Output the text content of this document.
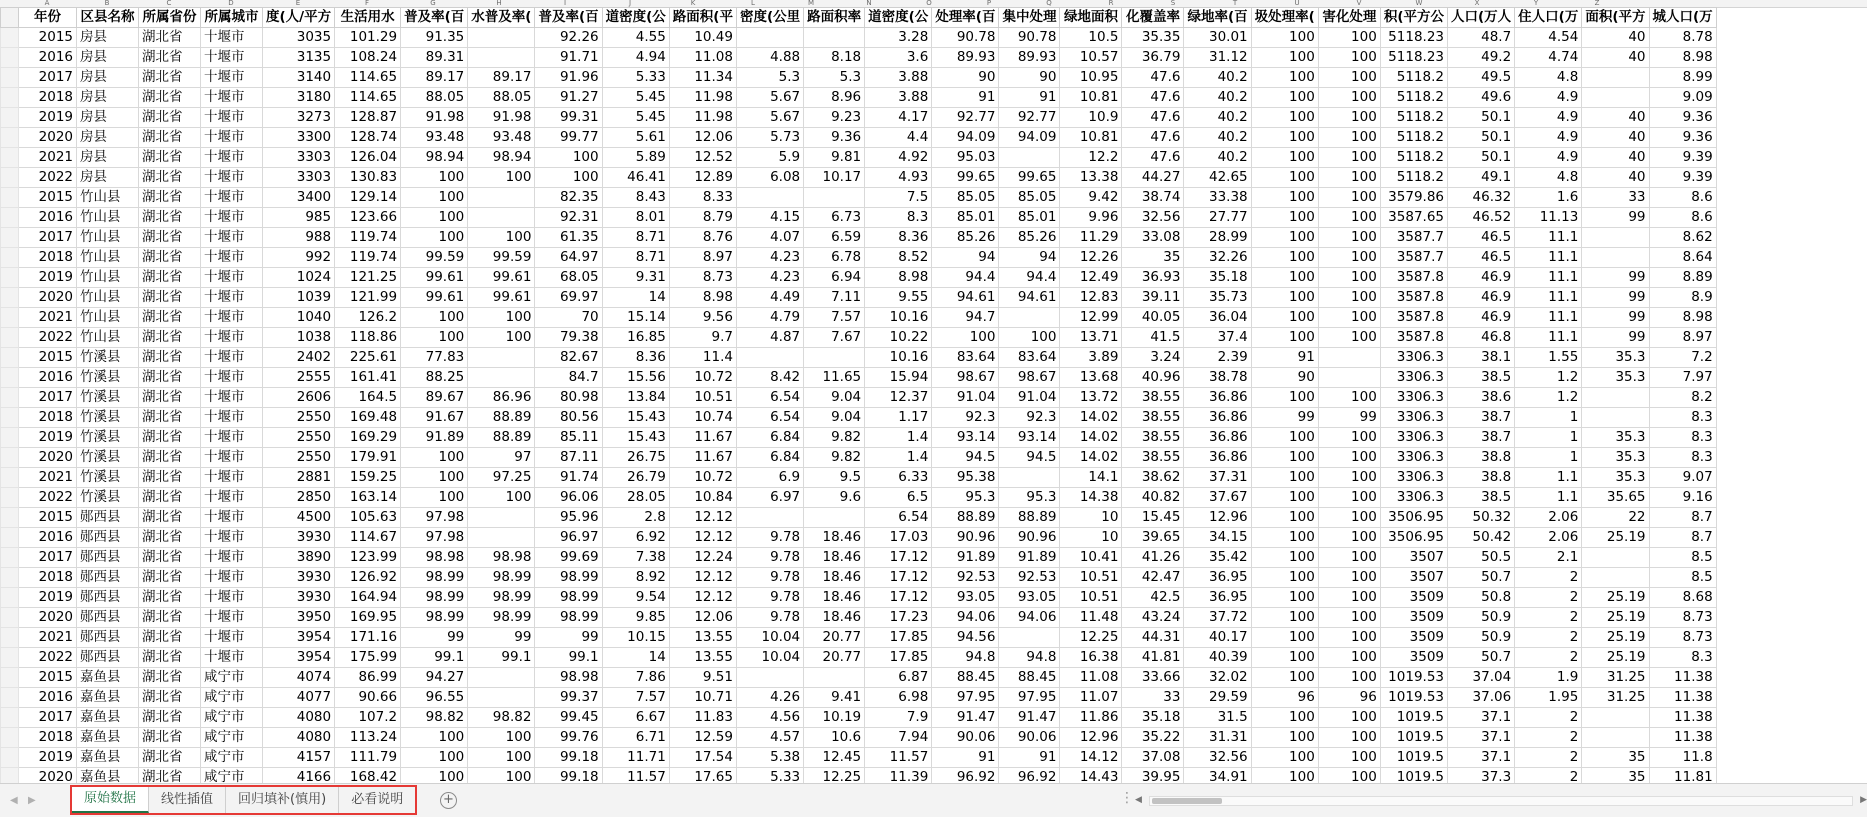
A	B	C	D	E	F	G	H	I	J	K	L	M	N	O	P	Q	R	S	T	U	V	W	X	Y	Z
	年份	区县名称	所属省份	所属城市	度(人/平方	生活用水	普及率(百	水普及率(	普及率(百	道密度(公	路面积(平	密度(公里	路面积率	道密度(公	处理率(百	集中处理	绿地面积	化覆盖率	绿地率(百	圾处理率(	害化处理	积(平方公	人口(万人	住人口(万	面积(平方	城人口(万
	2015	房县	湖北省	十堰市	3035	101.29	91.35		92.26	4.55	10.49			3.28	90.78	90.78	10.5	35.35	30.01	100	100	5118.23	48.7	4.54	40	8.78
	2016	房县	湖北省	十堰市	3135	108.24	89.31		91.71	4.94	11.08	4.88	8.18	3.6	89.93	89.93	10.57	36.79	31.12	100	100	5118.23	49.2	4.74	40	8.98
	2017	房县	湖北省	十堰市	3140	114.65	89.17	89.17	91.96	5.33	11.34	5.3	5.3	3.88	90	90	10.95	47.6	40.2	100	100	5118.2	49.5	4.8		8.99
	2018	房县	湖北省	十堰市	3180	114.65	88.05	88.05	91.27	5.45	11.98	5.67	8.96	3.88	91	91	10.81	47.6	40.2	100	100	5118.2	49.6	4.9		9.09
	2019	房县	湖北省	十堰市	3273	128.87	91.98	91.98	99.31	5.45	11.98	5.67	9.23	4.17	92.77	92.77	10.9	47.6	40.2	100	100	5118.2	50.1	4.9	40	9.36
	2020	房县	湖北省	十堰市	3300	128.74	93.48	93.48	99.77	5.61	12.06	5.73	9.36	4.4	94.09	94.09	10.81	47.6	40.2	100	100	5118.2	50.1	4.9	40	9.36
	2021	房县	湖北省	十堰市	3303	126.04	98.94	98.94	100	5.89	12.52	5.9	9.81	4.92	95.03		12.2	47.6	40.2	100	100	5118.2	50.1	4.9	40	9.39
	2022	房县	湖北省	十堰市	3303	130.83	100	100	100	46.41	12.89	6.08	10.17	4.93	99.65	99.65	13.38	44.27	42.65	100	100	5118.2	49.1	4.8	40	9.39
	2015	竹山县	湖北省	十堰市	3400	129.14	100		82.35	8.43	8.33			7.5	85.05	85.05	9.42	38.74	33.38	100	100	3579.86	46.32	1.6	33	8.6
	2016	竹山县	湖北省	十堰市	985	123.66	100		92.31	8.01	8.79	4.15	6.73	8.3	85.01	85.01	9.96	32.56	27.77	100	100	3587.65	46.52	11.13	99	8.6
	2017	竹山县	湖北省	十堰市	988	119.74	100	100	61.35	8.71	8.76	4.07	6.59	8.36	85.26	85.26	11.29	33.08	28.99	100	100	3587.7	46.5	11.1		8.62
	2018	竹山县	湖北省	十堰市	992	119.74	99.59	99.59	64.97	8.71	8.97	4.23	6.78	8.52	94	94	12.26	35	32.26	100	100	3587.7	46.5	11.1		8.64
	2019	竹山县	湖北省	十堰市	1024	121.25	99.61	99.61	68.05	9.31	8.73	4.23	6.94	8.98	94.4	94.4	12.49	36.93	35.18	100	100	3587.8	46.9	11.1	99	8.89
	2020	竹山县	湖北省	十堰市	1039	121.99	99.61	99.61	69.97	14	8.98	4.49	7.11	9.55	94.61	94.61	12.83	39.11	35.73	100	100	3587.8	46.9	11.1	99	8.9
	2021	竹山县	湖北省	十堰市	1040	126.2	100	100	70	15.14	9.56	4.79	7.57	10.16	94.7		12.99	40.05	36.04	100	100	3587.8	46.9	11.1	99	8.98
	2022	竹山县	湖北省	十堰市	1038	118.86	100	100	79.38	16.85	9.7	4.87	7.67	10.22	100	100	13.71	41.5	37.4	100	100	3587.8	46.8	11.1	99	8.97
	2015	竹溪县	湖北省	十堰市	2402	225.61	77.83		82.67	8.36	11.4			10.16	83.64	83.64	3.89	3.24	2.39	91		3306.3	38.1	1.55	35.3	7.2
	2016	竹溪县	湖北省	十堰市	2555	161.41	88.25		84.7	15.56	10.72	8.42	11.65	15.94	98.67	98.67	13.68	40.96	38.78	90		3306.3	38.5	1.2	35.3	7.97
	2017	竹溪县	湖北省	十堰市	2606	164.5	89.67	86.96	80.98	13.84	10.51	6.54	9.04	12.37	91.04	91.04	13.72	38.55	36.86	100	100	3306.3	38.6	1.2		8.2
	2018	竹溪县	湖北省	十堰市	2550	169.48	91.67	88.89	80.56	15.43	10.74	6.54	9.04	1.17	92.3	92.3	14.02	38.55	36.86	99	99	3306.3	38.7	1		8.3
	2019	竹溪县	湖北省	十堰市	2550	169.29	91.89	88.89	85.11	15.43	11.67	6.84	9.82	1.4	93.14	93.14	14.02	38.55	36.86	100	100	3306.3	38.7	1	35.3	8.3
	2020	竹溪县	湖北省	十堰市	2550	179.91	100	97	87.11	26.75	11.67	6.84	9.82	1.4	94.5	94.5	14.02	38.55	36.86	100	100	3306.3	38.8	1	35.3	8.3
	2021	竹溪县	湖北省	十堰市	2881	159.25	100	97.25	91.74	26.79	10.72	6.9	9.5	6.33	95.38		14.1	38.62	37.31	100	100	3306.3	38.8	1.1	35.3	9.07
	2022	竹溪县	湖北省	十堰市	2850	163.14	100	100	96.06	28.05	10.84	6.97	9.6	6.5	95.3	95.3	14.38	40.82	37.67	100	100	3306.3	38.5	1.1	35.65	9.16
	2015	郧西县	湖北省	十堰市	4500	105.63	97.98		95.96	2.8	12.12			6.54	88.89	88.89	10	15.45	12.96	100	100	3506.95	50.32	2.06	22	8.7
	2016	郧西县	湖北省	十堰市	3930	114.67	97.98		96.97	6.92	12.12	9.78	18.46	17.03	90.96	90.96	10	39.65	34.15	100	100	3506.95	50.42	2.06	25.19	8.7
	2017	郧西县	湖北省	十堰市	3890	123.99	98.98	98.98	99.69	7.38	12.24	9.78	18.46	17.12	91.89	91.89	10.41	41.26	35.42	100	100	3507	50.5	2.1		8.5
	2018	郧西县	湖北省	十堰市	3930	126.92	98.99	98.99	98.99	8.92	12.12	9.78	18.46	17.12	92.53	92.53	10.51	42.47	36.95	100	100	3507	50.7	2		8.5
	2019	郧西县	湖北省	十堰市	3930	164.94	98.99	98.99	98.99	9.54	12.12	9.78	18.46	17.12	93.05	93.05	10.51	42.5	36.95	100	100	3509	50.8	2	25.19	8.68
	2020	郧西县	湖北省	十堰市	3950	169.95	98.99	98.99	98.99	9.85	12.06	9.78	18.46	17.23	94.06	94.06	11.48	43.24	37.72	100	100	3509	50.9	2	25.19	8.73
	2021	郧西县	湖北省	十堰市	3954	171.16	99	99	99	10.15	13.55	10.04	20.77	17.85	94.56		12.25	44.31	40.17	100	100	3509	50.9	2	25.19	8.73
	2022	郧西县	湖北省	十堰市	3954	175.99	99.1	99.1	99.1	14	13.55	10.04	20.77	17.85	94.8	94.8	16.38	41.81	40.39	100	100	3509	50.7	2	25.19	8.3
	2015	嘉鱼县	湖北省	咸宁市	4074	86.99	94.27		98.98	7.86	9.51			6.87	88.45	88.45	11.08	33.66	32.02	100	100	1019.53	37.04	1.9	31.25	11.38
	2016	嘉鱼县	湖北省	咸宁市	4077	90.66	96.55		99.37	7.57	10.71	4.26	9.41	6.98	97.95	97.95	11.07	33	29.59	96	96	1019.53	37.06	1.95	31.25	11.38
	2017	嘉鱼县	湖北省	咸宁市	4080	107.2	98.82	98.82	99.45	6.67	11.83	4.56	10.19	7.9	91.47	91.47	11.86	35.18	31.5	100	100	1019.5	37.1	2		11.38
	2018	嘉鱼县	湖北省	咸宁市	4080	113.24	100	100	99.76	6.71	12.59	4.57	10.6	7.94	90.06	90.06	12.96	35.22	31.31	100	100	1019.5	37.1	2		11.38
	2019	嘉鱼县	湖北省	咸宁市	4157	111.79	100	100	99.18	11.71	17.54	5.38	12.45	11.57	91	91	14.12	37.08	32.56	100	100	1019.5	37.1	2	35	11.8
	2020	嘉鱼县	湖北省	咸宁市	4166	168.42	100	100	99.18	11.57	17.65	5.33	12.25	11.39	96.92	96.92	14.43	39.95	34.91	100	100	1019.5	37.3	2	35	11.81

◀ ▶	原始数据	线性插值	回归填补(慎用)	必看说明	+	⋮ ◀	▶
